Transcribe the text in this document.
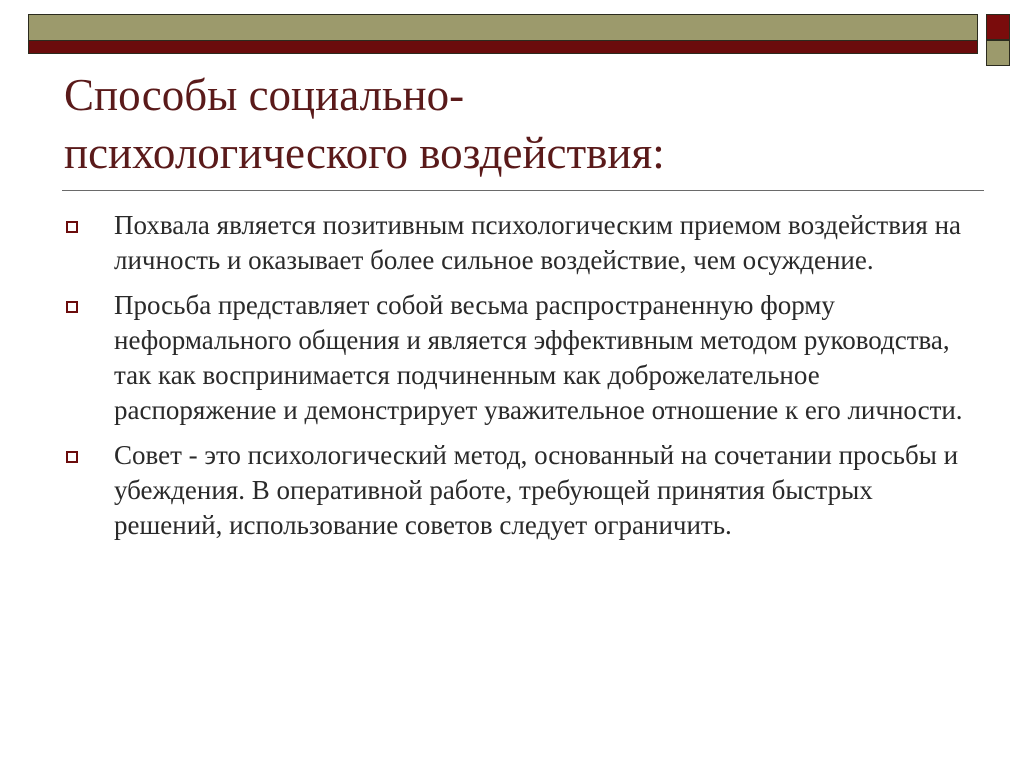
Способы социально-
психологического воздействия:
Похвала является позитивным психологическим приемом воздействия на личность и оказывает более сильное воздействие, чем осуждение.
Просьба представляет собой весьма распространенную форму неформального общения и является эффективным методом руководства, так как воспринимается подчиненным как доброжелательное распоряжение и демонстрирует уважительное отношение к его личности.
Совет - это психологический метод, основанный на сочетании просьбы и убеждения. В оперативной работе, требующей принятия быстрых решений, использование советов следует ограничить.
